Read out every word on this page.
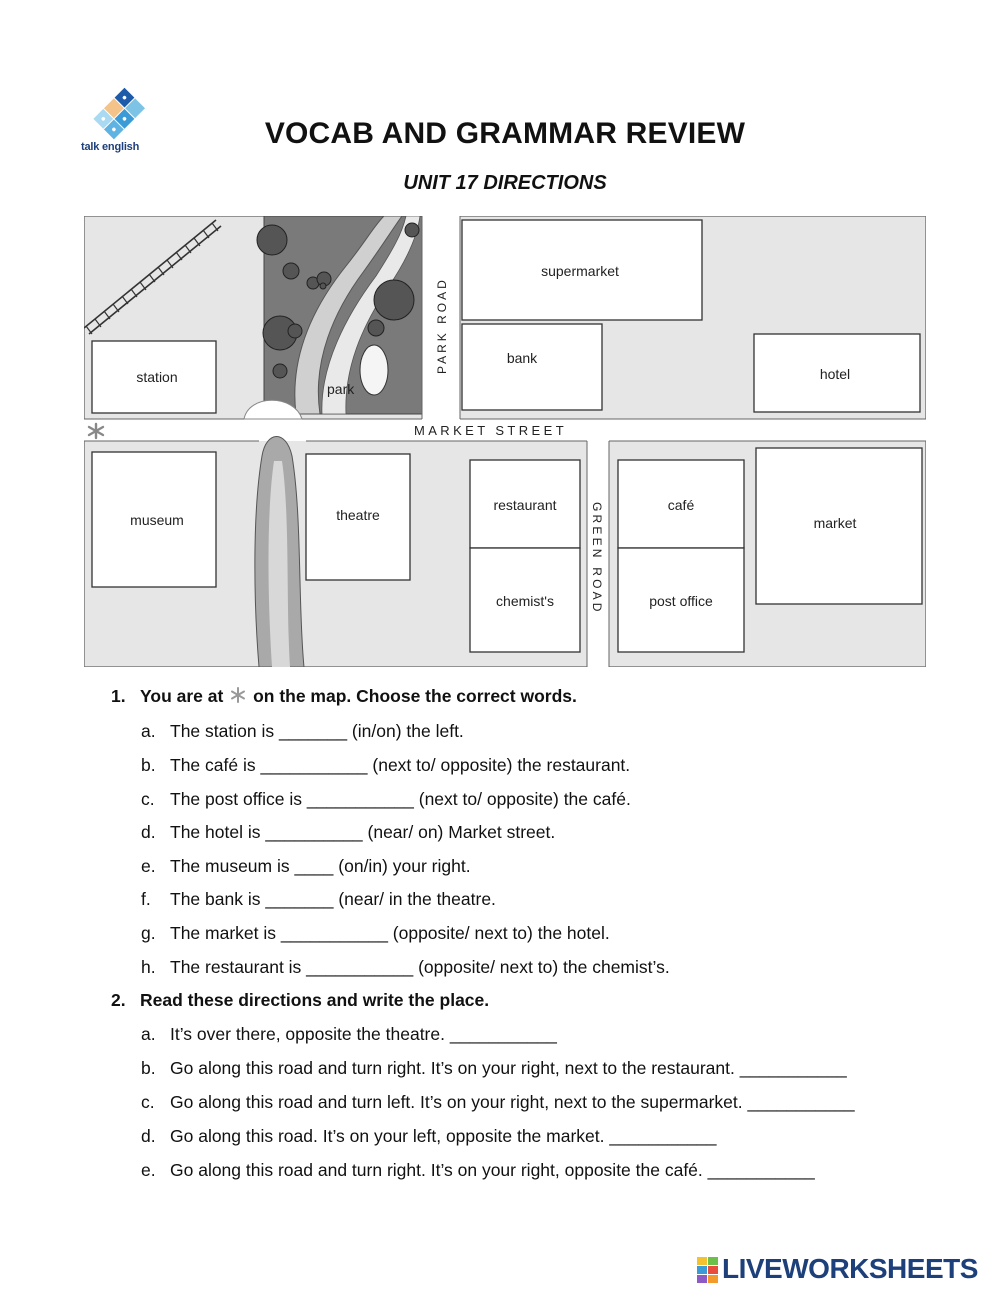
talk english	VOCAB AND GRAMMAR REVIEW
UNIT 17 DIRECTIONS
park
supermarket
bank
hotel
station
museum	theatre
restaurant
chemist's
café
post office
market
MARKET STREET
PARK ROAD
GREEN ROAD
1. You are at on the map. Choose the correct words.
a. The station is _______ (in/on) the left.
b. The café is ___________ (next to/ opposite) the restaurant.
c. The post office is ___________ (next to/ opposite) the café.
d. The hotel is __________ (near/ on) Market street.
e. The museum is ____ (on/in) your right.
f. The bank is _______ (near/ in the theatre.
g. The market is ___________ (opposite/ next to) the hotel.
h. The restaurant is ___________ (opposite/ next to) the chemist’s.
2. Read these directions and write the place.
a. It’s over there, opposite the theatre. ___________
b. Go along this road and turn right. It’s on your right, next to the restaurant. ___________
c. Go along this road and turn left. It’s on your right, next to the supermarket. ___________
d. Go along this road. It’s on your left, opposite the market. ___________
e. Go along this road and turn right. It’s on your right, opposite the café. ___________
LIVEWORKSHEETS
